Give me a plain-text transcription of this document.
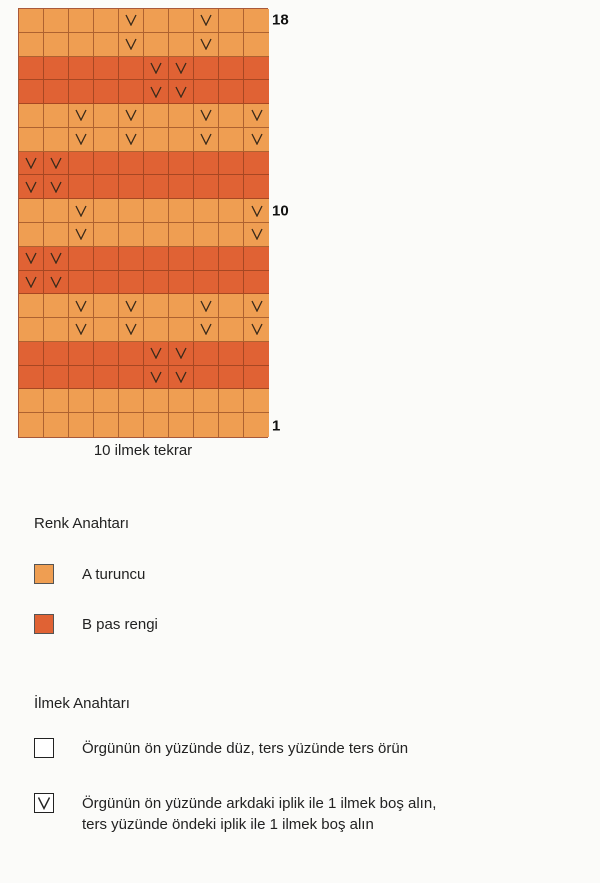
18
10
1
10 ilmek tekrar
Renk Anahtarı
A turuncu
B pas rengi
İlmek Anahtarı
Örgünün ön yüzünde düz, ters yüzünde ters örün
Örgünün ön yüzünde arkdaki iplik ile 1 ilmek boş alın,
ters yüzünde öndeki iplik ile 1 ilmek boş alın
